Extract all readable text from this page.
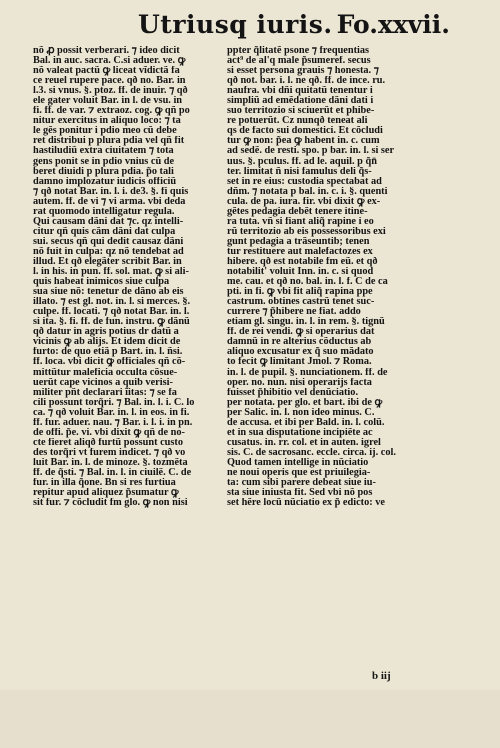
Utriusq iuris. Fo.xxvii.
nõ ꝓ possit verberari. ⁊ ideo dicit
Bal. in auc. sacra. C.si aduer. ve. ꝙ
nõ valeat pactũ ꝙ liceat vĩdictã fa
ce reuel rupere pace. qð no. Bar. in
l.3. si vnus. §. ptoz. ff. de inuir. ⁊ qð
ele gater voluit Bar. in l. de vsu. in
fi. ff. de var. ⁊ extraoz. cog. ꝙ qñ po
nitur exercitus in aliquo loco: ⁊ ta
le gẽs ponitur i pdio meo cũ debe
ret distribui p plura pdia vel qñ fit
hastiludiũ extra ciuitatem ⁊ tota
gens ponit se in pdio vnius cũ de
beret diuidi p plura pdia. p̃o tali
damno implozatur iudicis officiũ
⁊ qð notat Bar. in. l. i. de3. §. fi quis
autem. ff. de vi ⁊ vi arma. vbi deda
rat quomodo intelligatur regula.
Qui causam dãni dat ⁊c. qz intelli-
citur qñ quis cãm dãni dat culpa
sui. secus qñ qui dedit causaz dãni
nõ fuit in culpa: qz nõ tendebat ad
illud. Et qð elegãter scribit Bar. in
l. in his. in pun. ff. sol. mat. ꝙ si ali-
quis habeat inimicos siue culpa
sua siue nõ: tenetur de dãno ab eis
illato. ⁊ est gl. not. in. l. si merces. §.
culpe. ff. locati. ⁊ qð notat Bar. in. l.
si ita. §. fi. ff. de fun. instru. ꝙ dãnũ
qð datur in agris potius dr datũ a
vicinis ꝙ ab alijs. Et idem dicit de
furto: de quo etiã p Bart. in. l. ñsi.
ff. loca. vbi dicit ꝙ officiales qñ cõ-
mittũtur maleficia occulta cõsue-
uerũt cape vicinos a quib̃ verisi-
militer pñt declarari ĩitas: ⁊ se fa
cili possunt torq̃ri. ⁊ Bal. in. l. i. C. lo
ca. ⁊ qð voluit Bar. in. l. in eos. in fi.
ff. fur. aduer. nau. ⁊ Bar. i. l. i. in pn.
de offi. p̃e. vi. vbi dixit ꝙ qñ de no-
cte fieret aliqð furtũ possunt custo
des torq̃ri vt furem indicet. ⁊ qð vo
luit Bar. in. l. de minoze. §. tozmẽta
ff. de q̃sti. ⁊ Bal. in. l. in ciuilẽ. C. de
fur. in illa q̃one. Bn si res furtiua
repitur apud aliquez p̃sumatur ꝙ
sit fur. ⁊ cõcludit fm glo. ꝙ non nisi
ppter q̃litatẽ psone ⁊ frequentias
act⁹ de al'q male p̃sumeref. secus
si esset persona grauis ⁊ honesta. ⁊
qð not. bar. i. l. ne qð. ff. de ince. ru.
naufra. vbi dñi quitatũ tenentur i
simpliũ ad emẽdatione dãni dati i
suo territozio si sciuerũt et phibe-
re potuerũt. C̃z nunqð teneat ali
qs de facto sui domestici. Et cõcludi
tur ꝙ non: p̃ea ꝙ habent in. c. cum
ad sedẽ. de resti. spo. p bar. in. l. si ser
uus. §. pculus. ff. ad le. aquil. p q̃n̄
ter. limitat ñ nisi famulus deli q̃s-
set in re eius: custodia spectabat ad
dñm. ⁊ notata p bal. in. c. i. §. quenti
cula. de pa. iura. fir. vbi dixit ꝙ ex-
gẽtes pedagia debẽt tenere itine-
ra tuta. vñ si fiant aliq̃ rapine i eo
rũ territozio ab eis possessoribus exi
gunt pedagia a trãseuntib; tenen
tur restituere aut malefactozes ex
hibere. qð est notabile fm eũ. et qð
notabilit' voluit Inn. in. c. si quod
me. cau. et qð no. bal. in. l. f. C de ca
pti. in fi. ꝙ vbi fit aliq̃ rapina ppe
castrum. obtines castrũ tenet suc-
currere ⁊ p̃hibere ne fiat. addo
etiam gl. singu. in. l. in rem. §. tignũ
ff. de rei vendi. ꝙ si operarius dat
damnũ in re alterius cõductus ab
aliquo excusatur ex q̃ suo mãdato
to fecit ꝙ limitant Jmol. ⁊ Roma.
in. l. de pupil. §. nunciationem. ff. de
oper. no. nun. nisi operarijs facta
fuisset p̃hibitio vel denũciatio.
per notata. per glo. et bart. ibi de ꝙ
per Salic. in. l. non ideo minus. C.
de accusa. et ibi per Bald. in. l. colũ.
et in sua disputatione incipiẽte ac
cusatus. in. rr. col. et in auten. igrel
sis. C. de sacrosanc. eccle. circa. ij. col.
Quod tamen intellige in nũciatio
ne noui operis que est priuilegia-
ta: cum sibi parere debeat siue iu-
sta siue iniusta fit. Sed vbi nõ pos
set hẽre locũ nũciatio ex p̃ edicto: ve
b iij
